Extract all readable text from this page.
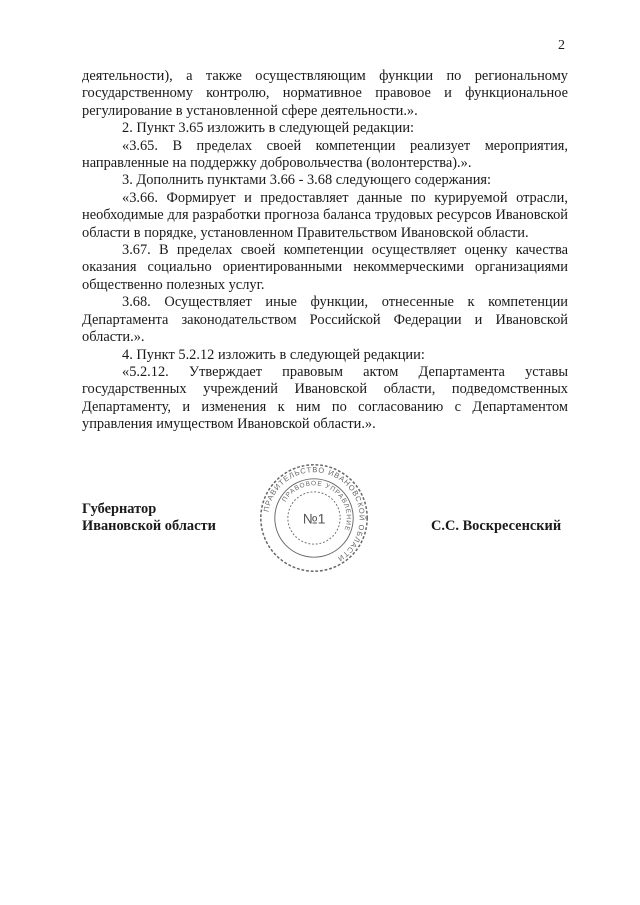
2

деятельности), а также осуществляющим функции по региональному государственному контролю, нормативное правовое и функциональное регулирование в установленной сфере деятельности.».

2. Пункт 3.65 изложить в следующей редакции:

«3.65. В пределах своей компетенции реализует мероприятия, направленные на поддержку добровольчества (волонтерства).».

3. Дополнить пунктами 3.66 - 3.68 следующего содержания:

«3.66. Формирует и предоставляет данные по курируемой отрасли, необходимые для разработки прогноза баланса трудовых ресурсов Ивановской области в порядке, установленном Правительством Ивановской области.

3.67. В пределах своей компетенции осуществляет оценку качества оказания социально ориентированными некоммерческими организациями общественно полезных услуг.

3.68. Осуществляет иные функции, отнесенные к компетенции Департамента законодательством Российской Федерации и Ивановской области.».

4. Пункт 5.2.12 изложить в следующей редакции:

«5.2.12. Утверждает правовым актом Департамента уставы государственных учреждений Ивановской области, подведомственных Департаменту, и изменения к ним по согласованию с Департаментом управления имуществом Ивановской области.».

Губернатор
Ивановской области	С.С. Воскресенский
ПРАВИТЕЛЬСТВО ИВАНОВСКОЙ ОБЛАСТИ
ПРАВОВОЕ УПРАВЛЕНИЕ
№1
